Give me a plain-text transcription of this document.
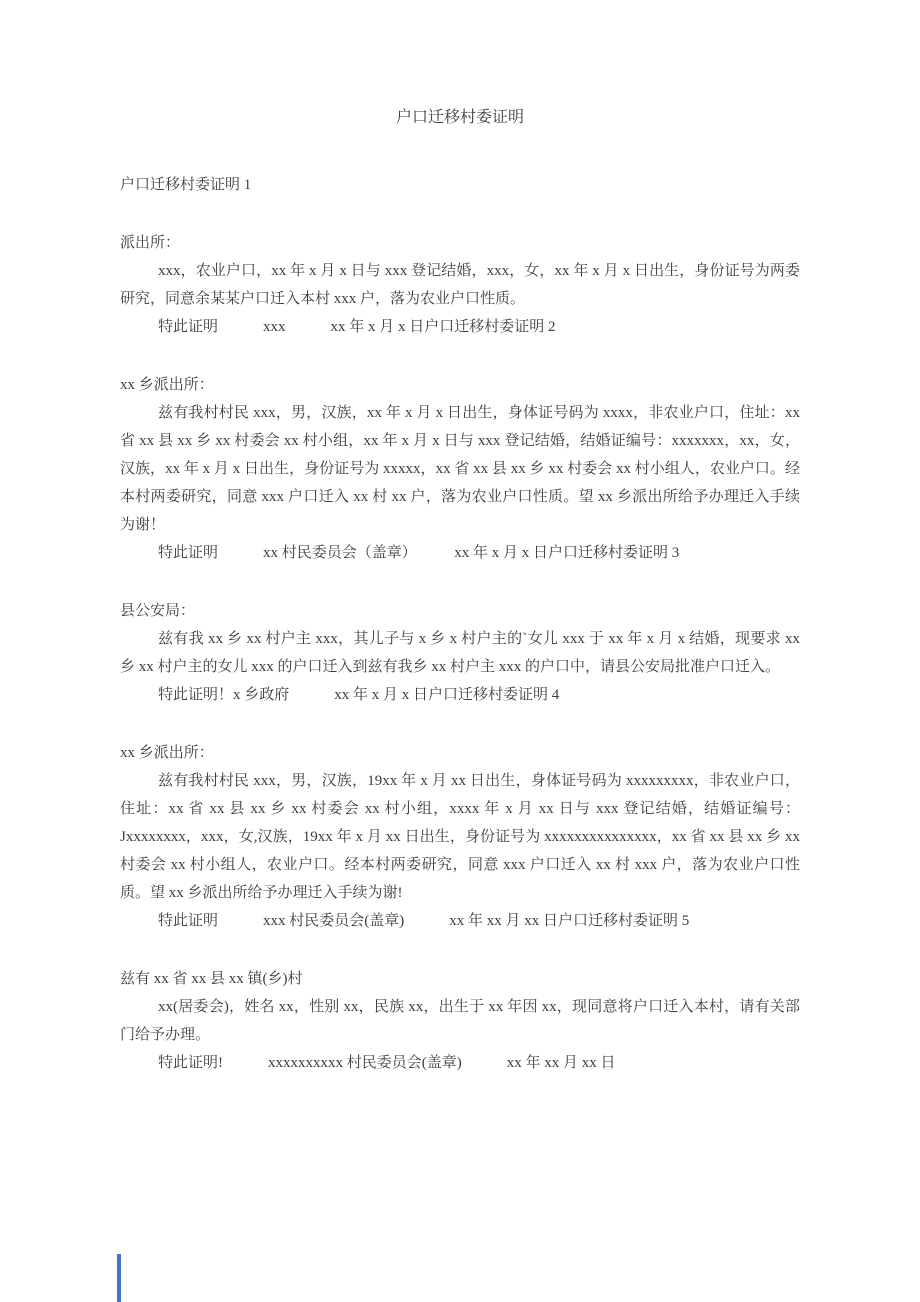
户口迁移村委证明

户口迁移村委证明 1

派出所：

xxx，农业户口，xx 年 x 月 x 日与 xxx 登记结婚，xxx，女，xx 年 x 月 x 日出生，身份证号为两委研究，同意余某某户口迁入本村 xxx 户，落为农业户口性质。

特此证明　　　xxx　　　xx 年 x 月 x 日户口迁移村委证明 2

xx 乡派出所：

兹有我村村民 xxx，男，汉族，xx 年 x 月 x 日出生，身体证号码为 xxxx，非农业户口，住址：xx 省 xx 县 xx 乡 xx 村委会 xx 村小组，xx 年 x 月 x 日与 xxx 登记结婚，结婚证编号：xxxxxxx，xx，女，汉族，xx 年 x 月 x 日出生，身份证号为 xxxxx，xx 省 xx 县 xx 乡 xx 村委会 xx 村小组人，农业户口。经本村两委研究，同意 xxx 户口迁入 xx 村 xx 户，落为农业户口性质。望 xx 乡派出所给予办理迁入手续为谢！

特此证明　　　xx 村民委员会（盖章）　　　xx 年 x 月 x 日户口迁移村委证明 3

县公安局：

兹有我 xx 乡 xx 村户主 xxx，其儿子与 x 乡 x 村户主的`女儿 xxx 于 xx 年 x 月 x 结婚，现要求 xx 乡 xx 村户主的女儿 xxx 的户口迁入到兹有我乡 xx 村户主 xxx 的户口中，请县公安局批准户口迁入。

特此证明！x 乡政府　　　xx 年 x 月 x 日户口迁移村委证明 4

xx 乡派出所：

兹有我村村民 xxx，男，汉族，19xx 年 x 月 xx 日出生，身体证号码为 xxxxxxxxx，非农业户口，住址：xx 省 xx 县 xx 乡 xx 村委会 xx 村小组，xxxx 年 x 月 xx 日与 xxx 登记结婚，结婚证编号：Jxxxxxxxx，xxx，女,汉族，19xx 年 x 月 xx 日出生，身份证号为 xxxxxxxxxxxxxxx，xx 省 xx 县 xx 乡 xx 村委会 xx 村小组人，农业户口。经本村两委研究，同意 xxx 户口迁入 xx 村 xxx 户，落为农业户口性质。望 xx 乡派出所给予办理迁入手续为谢!

特此证明　　　xxx 村民委员会(盖章)　　　xx 年 xx 月 xx 日户口迁移村委证明 5

兹有 xx 省 xx 县 xx 镇(乡)村

xx(居委会)，姓名 xx，性别 xx，民族 xx，出生于 xx 年因 xx，现同意将户口迁入本村，请有关部门给予办理。

特此证明!　　　xxxxxxxxxx 村民委员会(盖章)　　　xx 年 xx 月 xx 日
